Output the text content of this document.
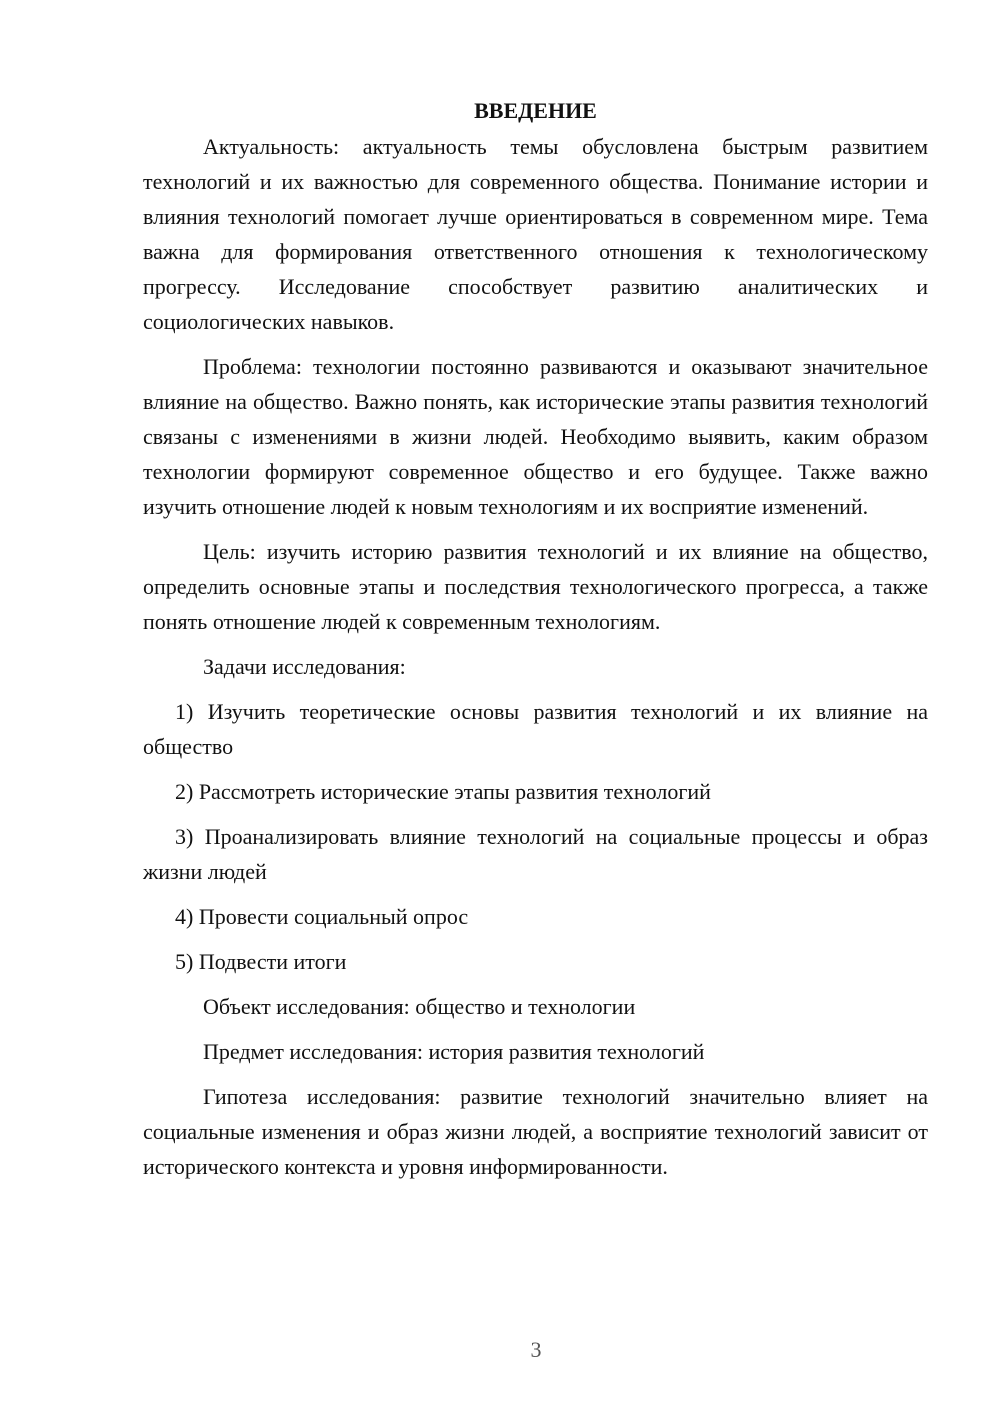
ВВЕДЕНИЕ

Актуальность: актуальность темы обусловлена быстрым развитием технологий и их важностью для современного общества. Понимание истории и влияния технологий помогает лучше ориентироваться в современном мире. Тема важна для формирования ответственного отношения к технологическому прогрессу. Исследование способствует развитию аналитических и социологических навыков.

Проблема: технологии постоянно развиваются и оказывают значительное влияние на общество. Важно понять, как исторические этапы развития технологий связаны с изменениями в жизни людей. Необходимо выявить, каким образом технологии формируют современное общество и его будущее. Также важно изучить отношение людей к новым технологиям и их восприятие изменений.

Цель: изучить историю развития технологий и их влияние на общество, определить основные этапы и последствия технологического прогресса, а также понять отношение людей к современным технологиям.

Задачи исследования:

1) Изучить теоретические основы развития технологий и их влияние на общество

2) Рассмотреть исторические этапы развития технологий

3) Проанализировать влияние технологий на социальные процессы и образ жизни людей

4) Провести социальный опрос

5) Подвести итоги

Объект исследования: общество и технологии

Предмет исследования: история развития технологий

Гипотеза исследования: развитие технологий значительно влияет на социальные изменения и образ жизни людей, а восприятие технологий зависит от исторического контекста и уровня информированности.

3
